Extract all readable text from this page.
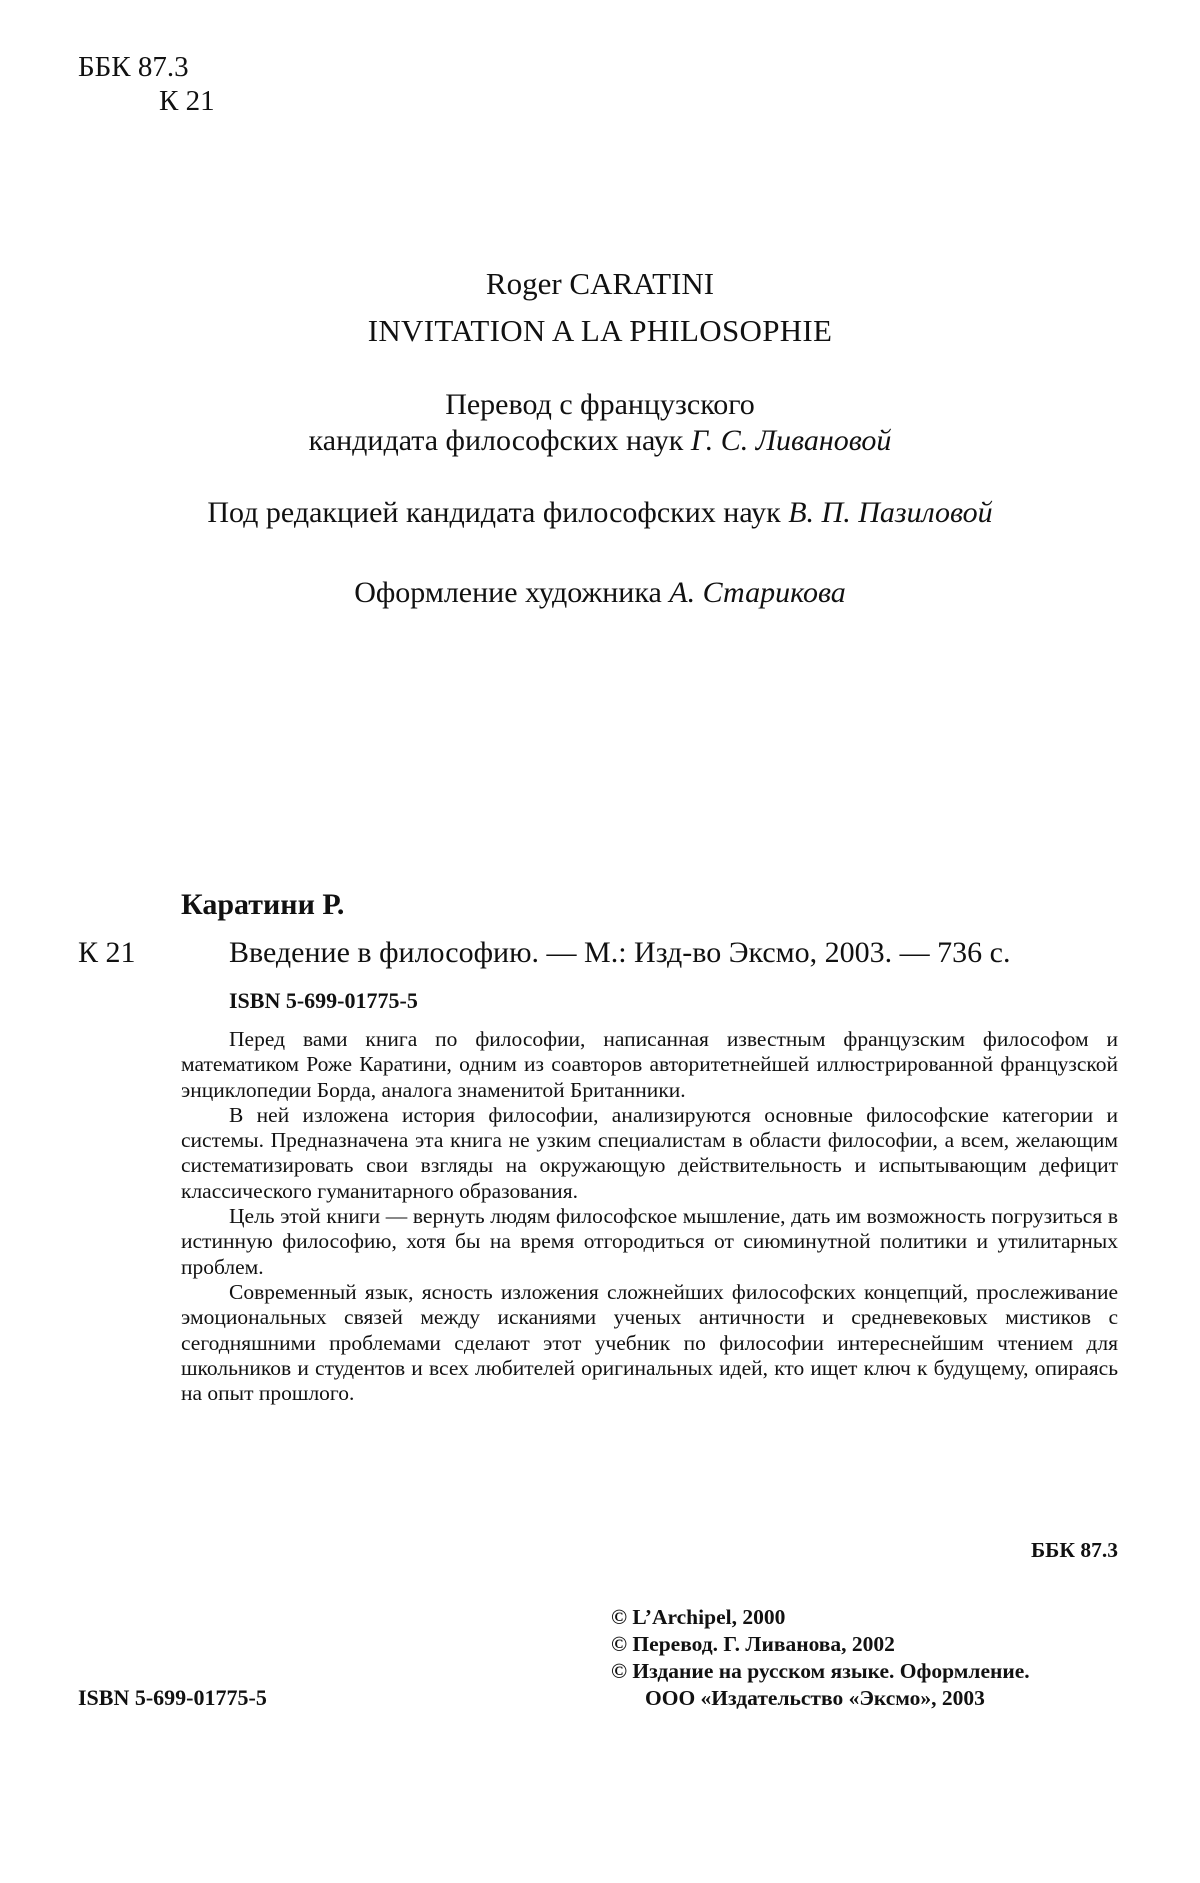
ББК 87.3
К 21
Roger CARATINI
INVITATION A LA PHILOSOPHIE
Перевод с французского
кандидата философских наук Г. С. Ливановой
Под редакцией кандидата философских наук В. П. Пазиловой
Оформление художника А. Старикова
Каратини Р.
К 21	Введение в философию. — М.: Изд-во Эксмо, 2003. — 736 с.
ISBN 5-699-01775-5

Перед вами книга по философии, написанная известным французским философом и математиком Роже Каратини, одним из соавторов авторитетнейшей иллюстрированной французской энциклопедии Борда, аналога знаменитой Британники.

В ней изложена история философии, анализируются основные философские категории и системы. Предназначена эта книга не узким специалистам в области философии, а всем, желающим систематизировать свои взгляды на окружающую действительность и испытывающим дефицит классического гуманитарного образования.

Цель этой книги — вернуть людям философское мышление, дать им возможность погрузиться в истинную философию, хотя бы на время отгородиться от сиюминутной политики и утилитарных проблем.

Современный язык, ясность изложения сложнейших философских концепций, прослеживание эмоциональных связей между исканиями ученых античности и средневековых мистиков с сегодняшними проблемами сделают этот учебник по философии интереснейшим чтением для школьников и студентов и всех любителей оригинальных идей, кто ищет ключ к будущему, опираясь на опыт прошлого.

ББК 87.3
© L’Archipel, 2000
© Перевод. Г. Ливанова, 2002
© Издание на русском языке. Оформление.
ООО «Издательство «Эксмо», 2003
ISBN 5-699-01775-5
